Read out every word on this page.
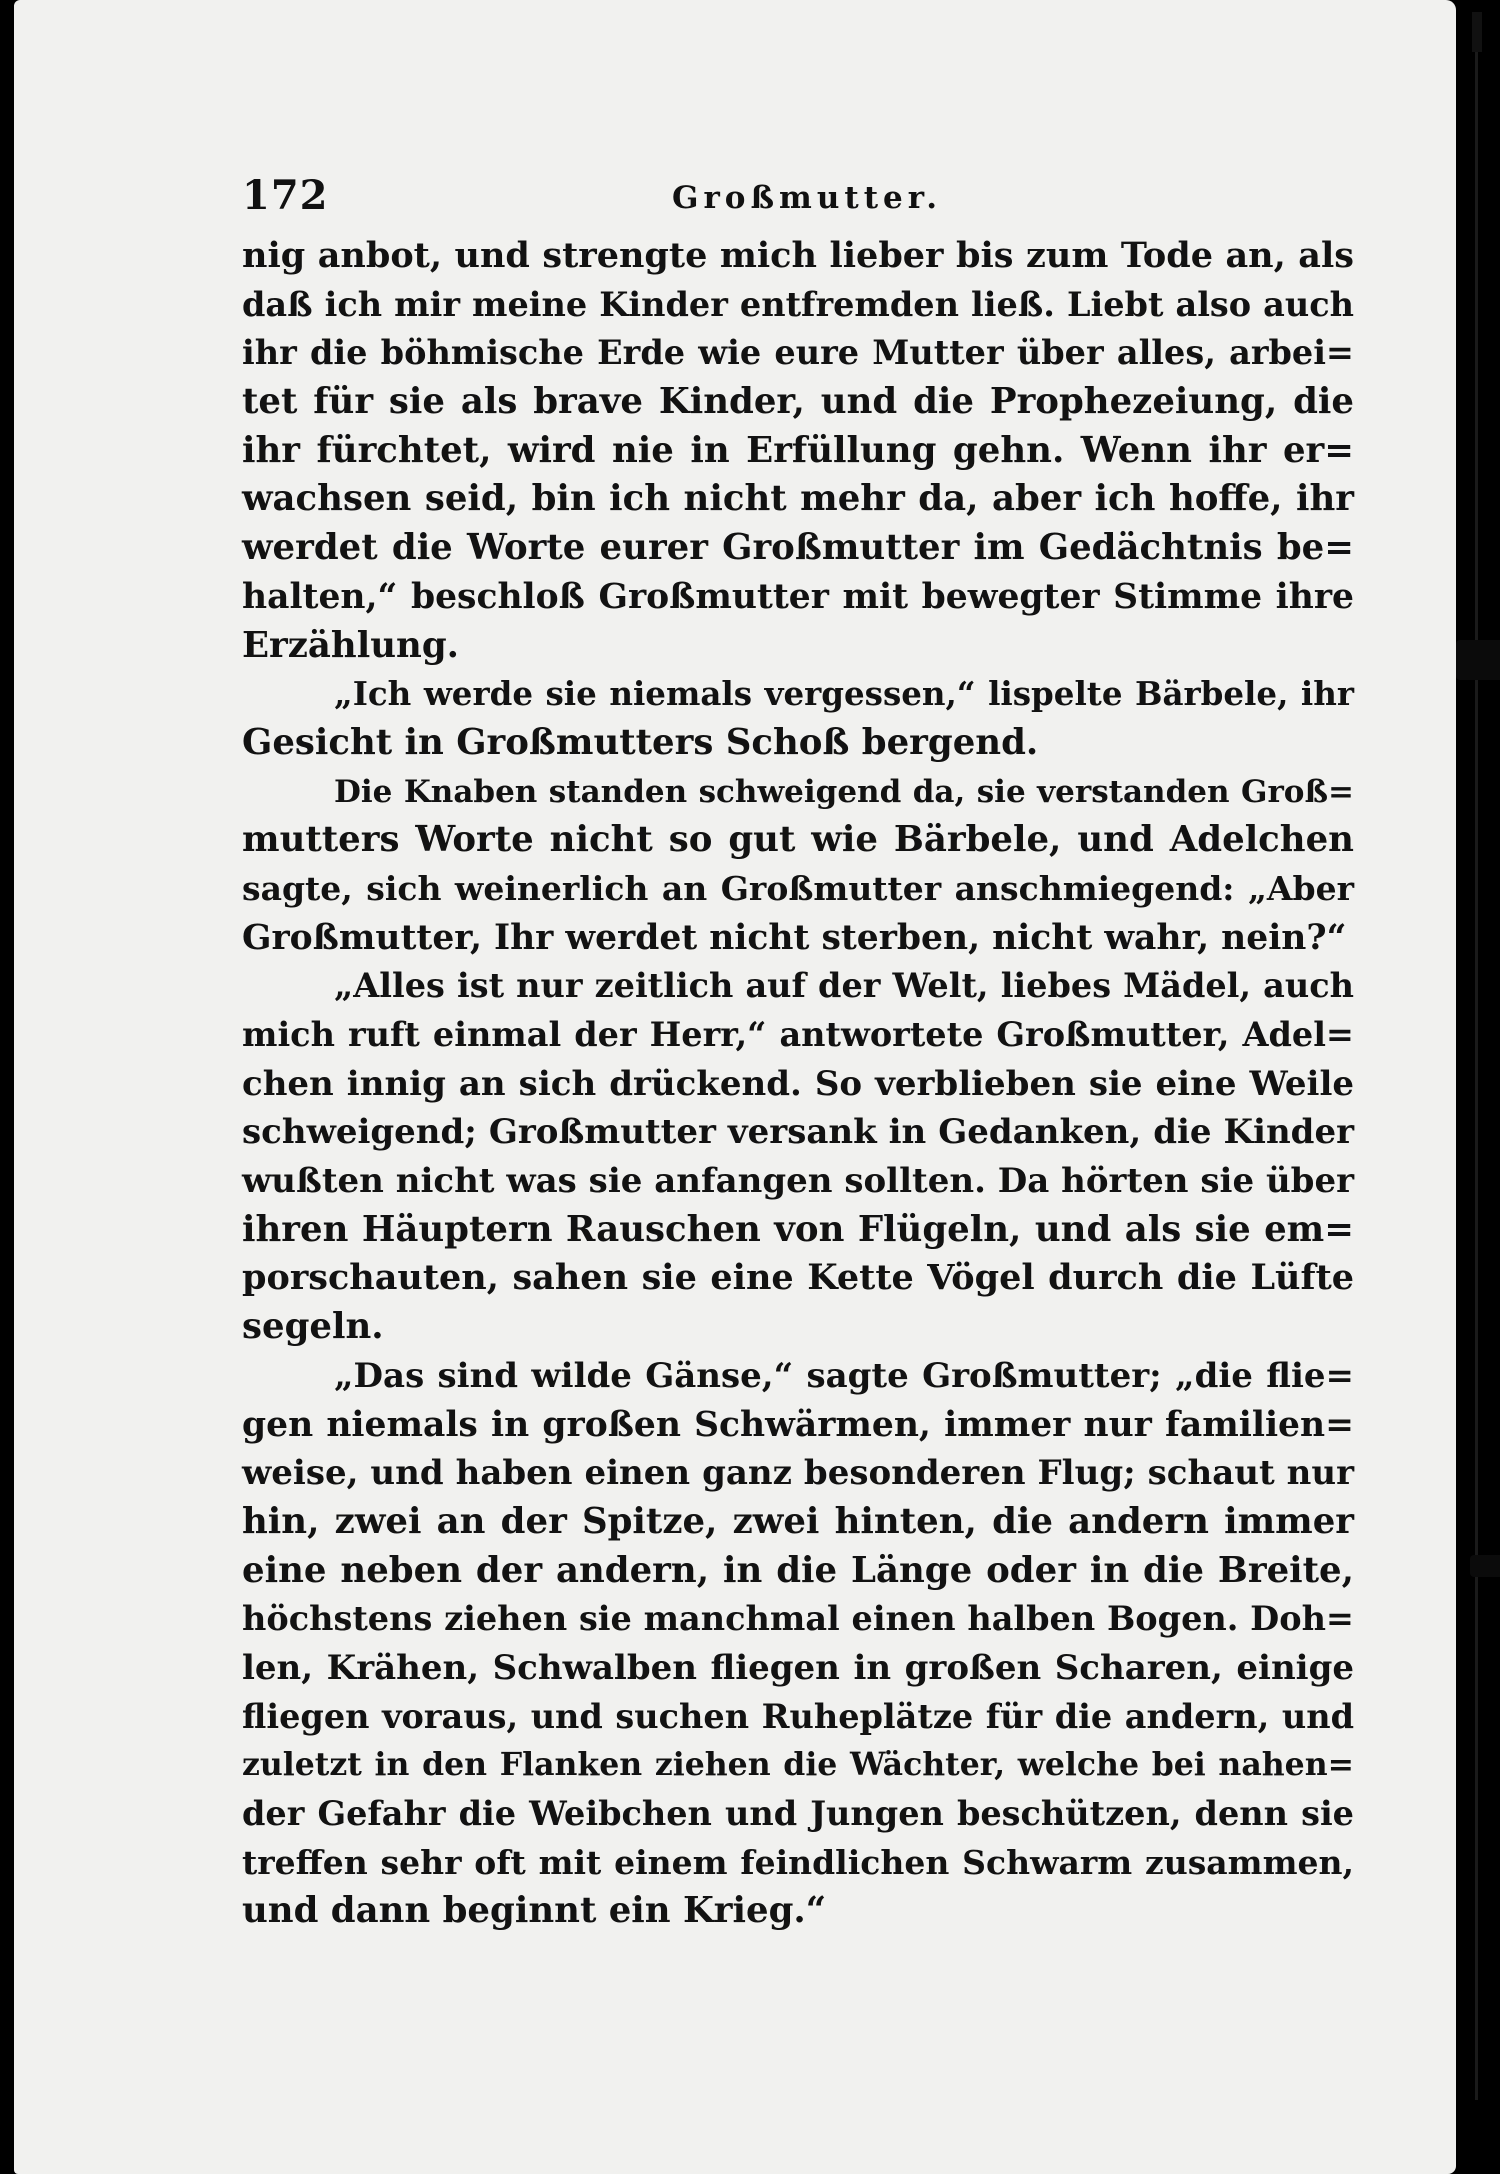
172	Großmutter.
nig anbot, und strengte mich lieber bis zum Tode an, als
daß ich mir meine Kinder entfremden ließ. Liebt also auch
ihr die böhmische Erde wie eure Mutter über alles, arbei=
tet für sie als brave Kinder, und die Prophezeiung, die
ihr fürchtet, wird nie in Erfüllung gehn. Wenn ihr er=
wachsen seid, bin ich nicht mehr da, aber ich hoffe, ihr
werdet die Worte eurer Großmutter im Gedächtnis be=
halten,“ beschloß Großmutter mit bewegter Stimme ihre
Erzählung.
„Ich werde sie niemals vergessen,“ lispelte Bärbele, ihr
Gesicht in Großmutters Schoß bergend.
Die Knaben standen schweigend da, sie verstanden Groß=
mutters Worte nicht so gut wie Bärbele, und Adelchen
sagte, sich weinerlich an Großmutter anschmiegend: „Aber
Großmutter, Ihr werdet nicht sterben, nicht wahr, nein?“
„Alles ist nur zeitlich auf der Welt, liebes Mädel, auch
mich ruft einmal der Herr,“ antwortete Großmutter, Adel=
chen innig an sich drückend. So verblieben sie eine Weile
schweigend; Großmutter versank in Gedanken, die Kinder
wußten nicht was sie anfangen sollten. Da hörten sie über
ihren Häuptern Rauschen von Flügeln, und als sie em=
porschauten, sahen sie eine Kette Vögel durch die Lüfte
segeln.
„Das sind wilde Gänse,“ sagte Großmutter; „die flie=
gen niemals in großen Schwärmen, immer nur familien=
weise, und haben einen ganz besonderen Flug; schaut nur
hin, zwei an der Spitze, zwei hinten, die andern immer
eine neben der andern, in die Länge oder in die Breite,
höchstens ziehen sie manchmal einen halben Bogen. Doh=
len, Krähen, Schwalben fliegen in großen Scharen, einige
fliegen voraus, und suchen Ruheplätze für die andern, und
zuletzt in den Flanken ziehen die Wächter, welche bei nahen=
der Gefahr die Weibchen und Jungen beschützen, denn sie
treffen sehr oft mit einem feindlichen Schwarm zusammen,
und dann beginnt ein Krieg.“
